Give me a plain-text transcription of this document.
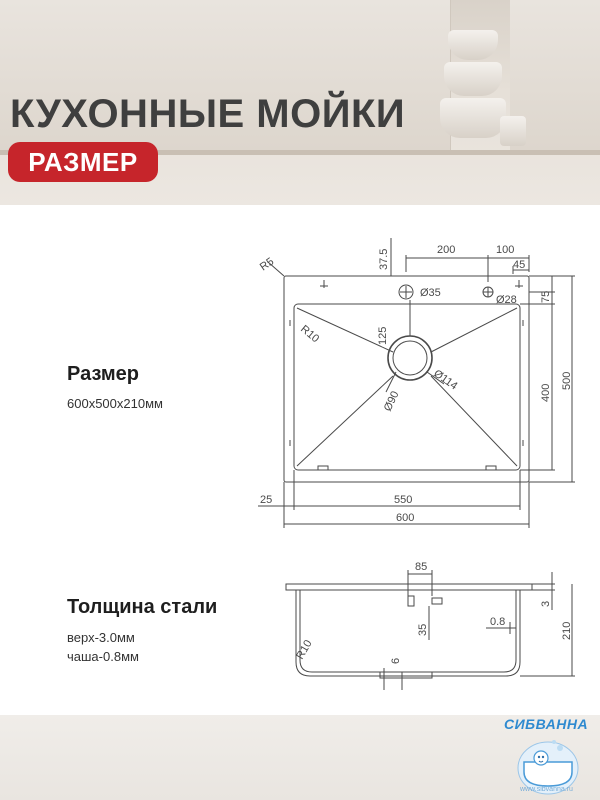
КУХОННЫЕ МОЙКИ
РАЗМЕР
Размер
600х500х210мм
Толщина стали
верх-3.0мм
чаша-0.8мм
R5
R10
37.5	200	100
45
Ø35
Ø28 75
125
Ø114
Ø90	400
500
25	550
600
85
3
35
0.8	210
R10	6
СИБВАННА
www.sibvanna.ru
